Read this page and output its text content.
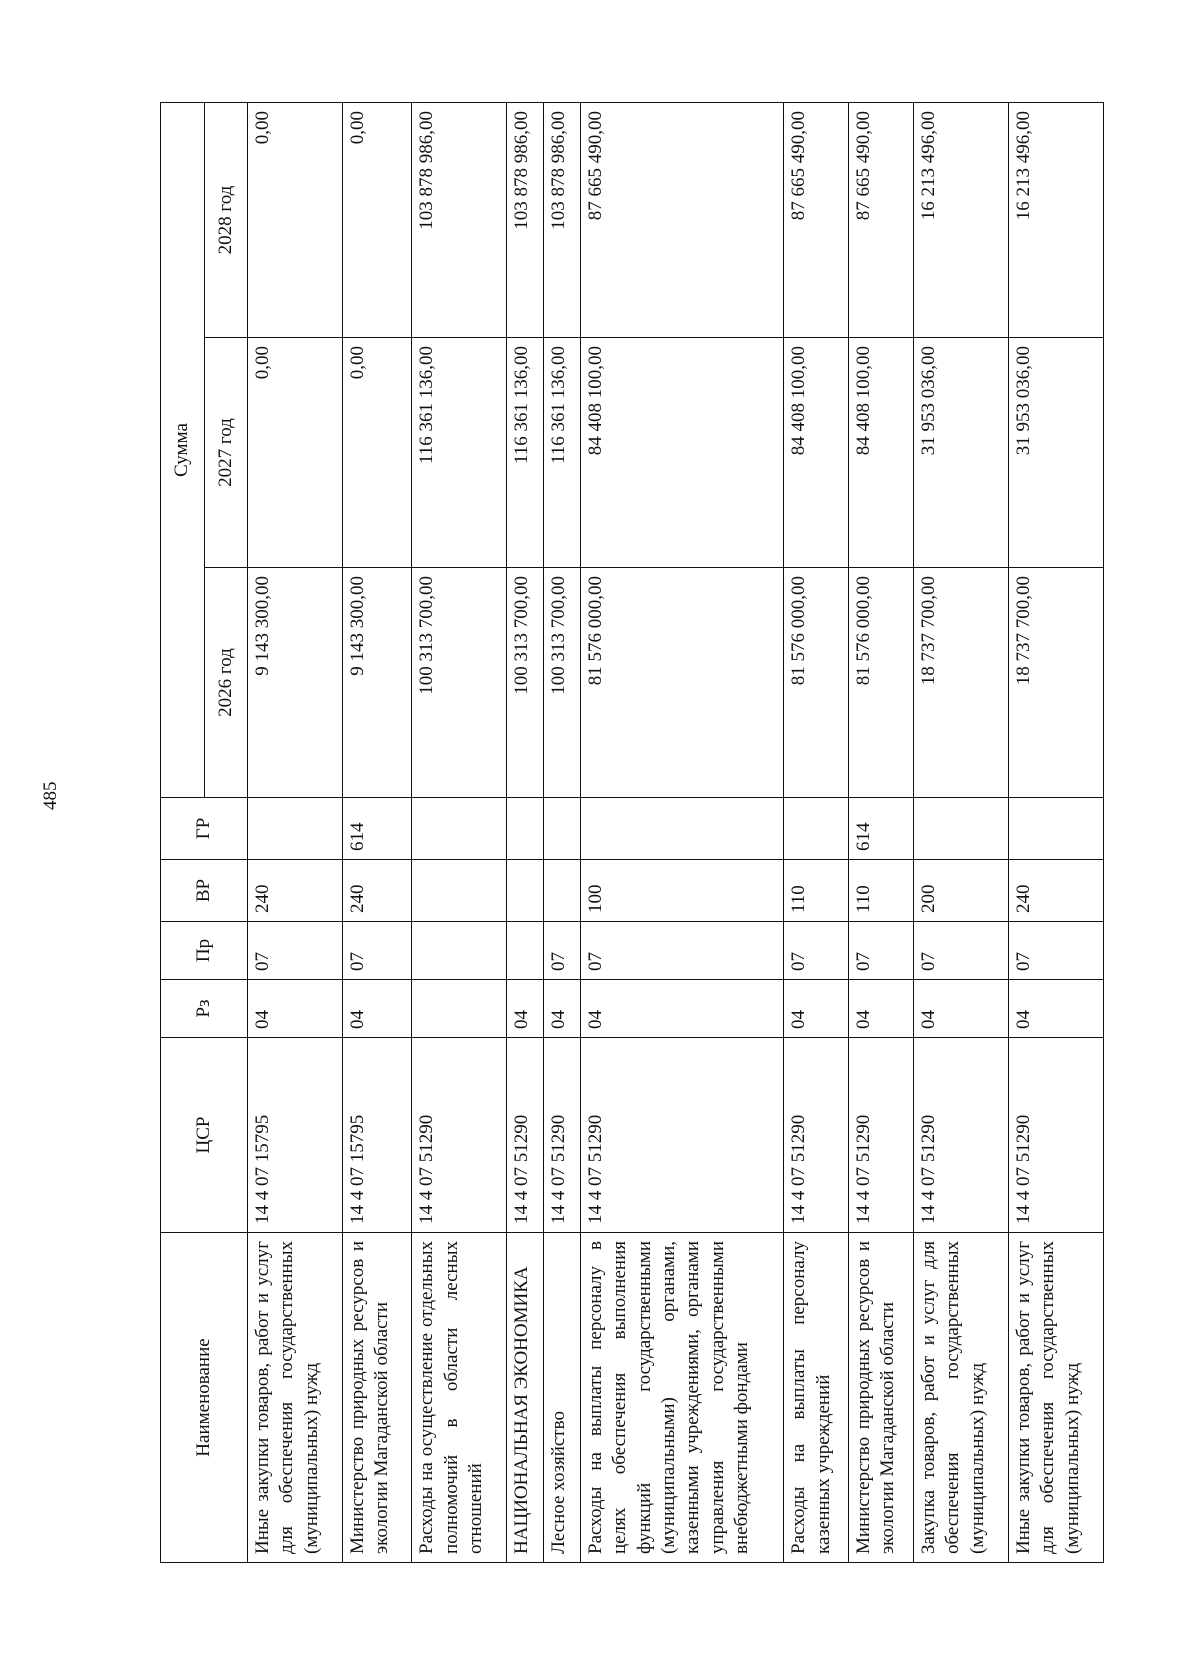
485
Наименование	ЦСР	Рз	Пр	ВР	ГР	Сумма		
						2026 год	2027 год	2028 год
Иные закупки товаров, работ и услуг для обеспечения государственных (муниципальных) нужд	14 4 07 15795	04	07	240		9 143 300,00	0,00	0,00
Министерство природных ресурсов и экологии Магаданской области	14 4 07 15795	04	07	240	614	9 143 300,00	0,00	0,00
Расходы на осуществление отдельных полномочий в области лесных отношений	14 4 07 51290					100 313 700,00	116 361 136,00	103 878 986,00
НАЦИОНАЛЬНАЯ ЭКОНОМИКА	14 4 07 51290	04				100 313 700,00	116 361 136,00	103 878 986,00
Лесное хозяйство	14 4 07 51290	04	07			100 313 700,00	116 361 136,00	103 878 986,00
Расходы на выплаты персоналу в целях обеспечения выполнения функций государственными (муниципальными) органами, казенными учреждениями, органами управления государственными внебюджетными фондами	14 4 07 51290	04	07	100		81 576 000,00	84 408 100,00	87 665 490,00
Расходы на выплаты персоналу казенных учреждений	14 4 07 51290	04	07	110		81 576 000,00	84 408 100,00	87 665 490,00
Министерство природных ресурсов и экологии Магаданской области	14 4 07 51290	04	07	110	614	81 576 000,00	84 408 100,00	87 665 490,00
Закупка товаров, работ и услуг для обеспечения государственных (муниципальных) нужд	14 4 07 51290	04	07	200		18 737 700,00	31 953 036,00	16 213 496,00
Иные закупки товаров, работ и услуг для обеспечения государственных (муниципальных) нужд	14 4 07 51290	04	07	240		18 737 700,00	31 953 036,00	16 213 496,00
